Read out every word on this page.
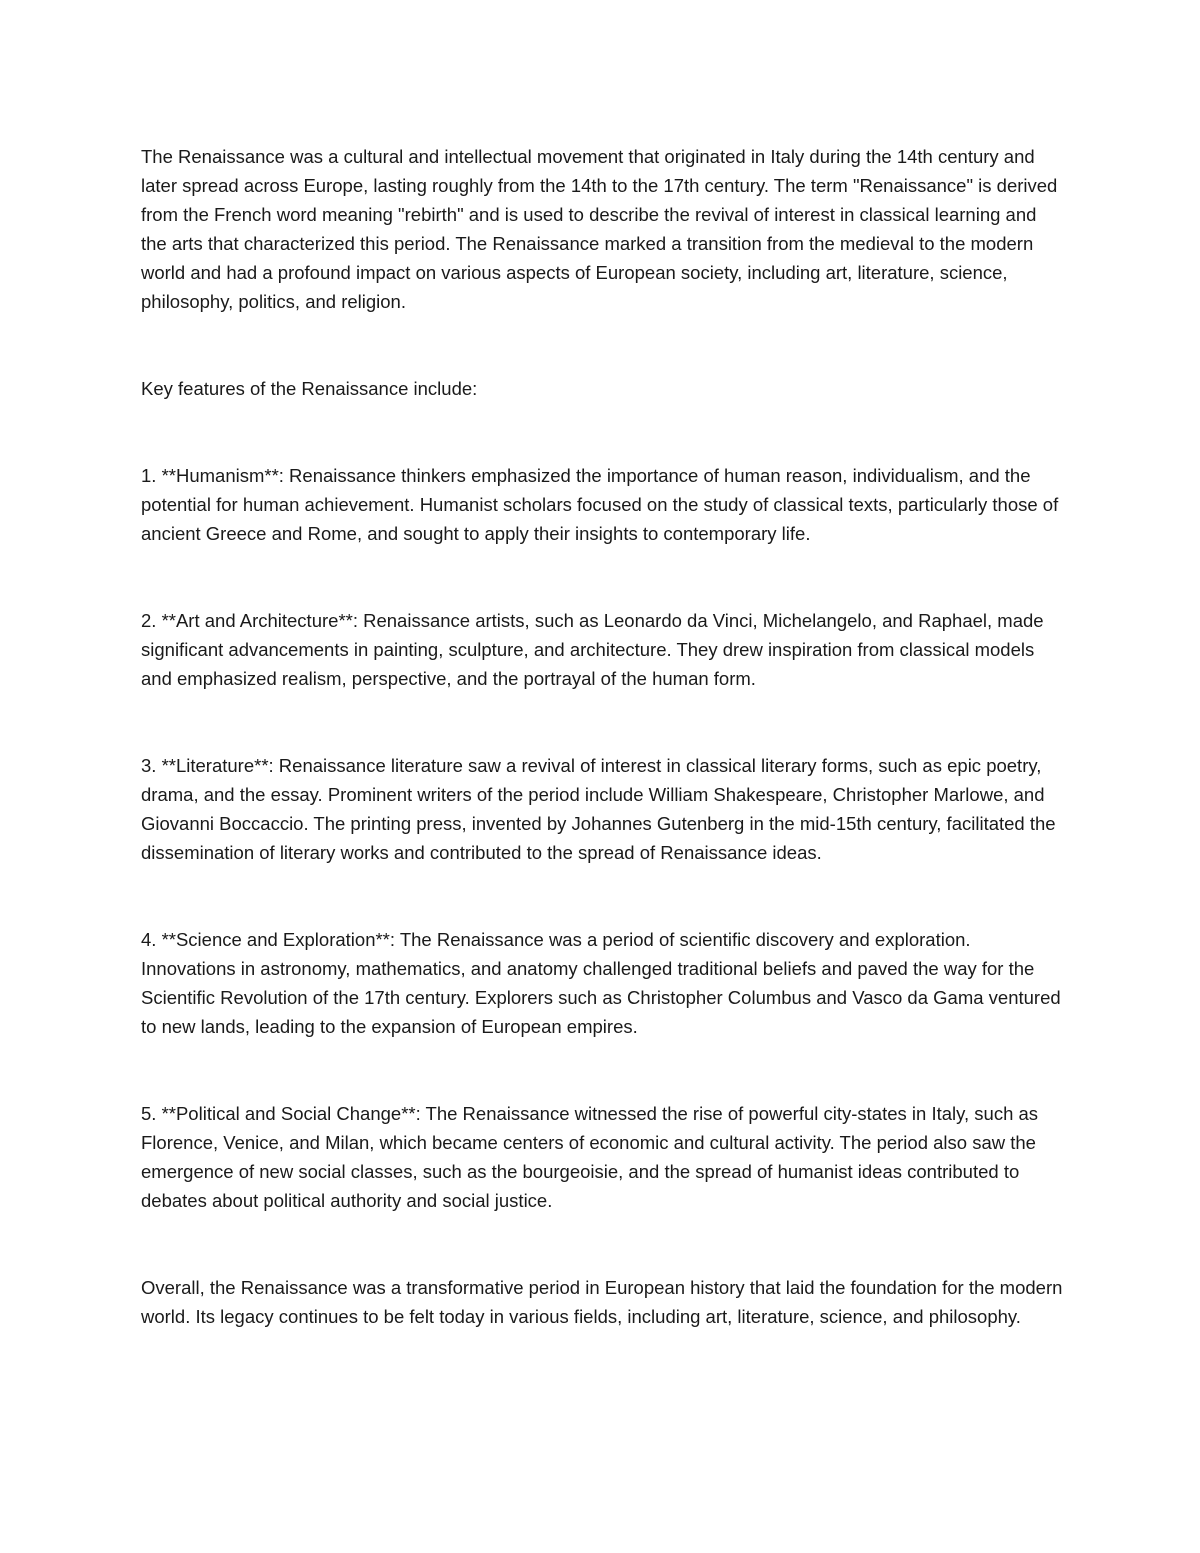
The Renaissance was a cultural and intellectual movement that originated in Italy during the 14th century and later spread across Europe, lasting roughly from the 14th to the 17th century. The term "Renaissance" is derived from the French word meaning "rebirth" and is used to describe the revival of interest in classical learning and the arts that characterized this period. The Renaissance marked a transition from the medieval to the modern world and had a profound impact on various aspects of European society, including art, literature, science, philosophy, politics, and religion.

Key features of the Renaissance include:

1. **Humanism**: Renaissance thinkers emphasized the importance of human reason, individualism, and the potential for human achievement. Humanist scholars focused on the study of classical texts, particularly those of ancient Greece and Rome, and sought to apply their insights to contemporary life.

2. **Art and Architecture**: Renaissance artists, such as Leonardo da Vinci, Michelangelo, and Raphael, made significant advancements in painting, sculpture, and architecture. They drew inspiration from classical models and emphasized realism, perspective, and the portrayal of the human form.

3. **Literature**: Renaissance literature saw a revival of interest in classical literary forms, such as epic poetry, drama, and the essay. Prominent writers of the period include William Shakespeare, Christopher Marlowe, and Giovanni Boccaccio. The printing press, invented by Johannes Gutenberg in the mid-15th century, facilitated the dissemination of literary works and contributed to the spread of Renaissance ideas.

4. **Science and Exploration**: The Renaissance was a period of scientific discovery and exploration. Innovations in astronomy, mathematics, and anatomy challenged traditional beliefs and paved the way for the Scientific Revolution of the 17th century. Explorers such as Christopher Columbus and Vasco da Gama ventured to new lands, leading to the expansion of European empires.

5. **Political and Social Change**: The Renaissance witnessed the rise of powerful city-states in Italy, such as Florence, Venice, and Milan, which became centers of economic and cultural activity. The period also saw the emergence of new social classes, such as the bourgeoisie, and the spread of humanist ideas contributed to debates about political authority and social justice.

Overall, the Renaissance was a transformative period in European history that laid the foundation for the modern world. Its legacy continues to be felt today in various fields, including art, literature, science, and philosophy.
